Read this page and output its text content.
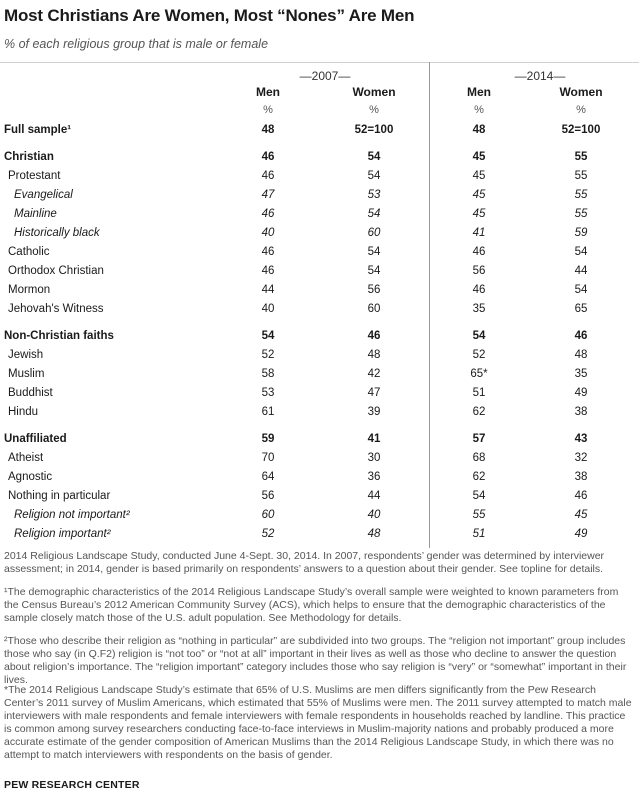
Most Christians Are Women, Most “Nones” Are Men
% of each religious group that is male or female
—2007—	—2014—
Men	Women	Men	Women
%	%	%	%
Full sample¹	48	52=100	48	52=100
Christian	46	54	45	55
Protestant	46	54	45	55
Evangelical	47	53	45	55
Mainline	46	54	45	55
Historically black	40	60	41	59
Catholic	46	54	46	54
Orthodox Christian	46	54	56	44
Mormon	44	56	46	54
Jehovah's Witness	40	60	35	65
Non-Christian faiths	54	46	54	46
Jewish	52	48	52	48
Muslim	58	42	65*	35
Buddhist	53	47	51	49
Hindu	61	39	62	38
Unaffiliated	59	41	57	43
Atheist	70	30	68	32
Agnostic	64	36	62	38
Nothing in particular	56	44	54	46
Religion not important²	60	40	55	45
Religion important²	52	48	51	49
2014 Religious Landscape Study, conducted June 4-Sept. 30, 2014. In 2007, respondents’ gender was determined by interviewer assessment; in 2014, gender is based primarily on respondents’ answers to a question about their gender. See topline for details.
¹The demographic characteristics of the 2014 Religious Landscape Study’s overall sample were weighted to known parameters from the Census Bureau’s 2012 American Community Survey (ACS), which helps to ensure that the demographic characteristics of the sample closely match those of the U.S. adult population. See Methodology for details.
²Those who describe their religion as “nothing in particular” are subdivided into two groups. The “religion not important” group includes those who say (in Q.F2) religion is “not too” or “not at all” important in their lives as well as those who decline to answer the question about religion’s importance. The “religion important” category includes those who say religion is “very” or “somewhat” important in their lives.
*The 2014 Religious Landscape Study’s estimate that 65% of U.S. Muslims are men differs significantly from the Pew Research Center’s 2011 survey of Muslim Americans, which estimated that 55% of Muslims were men. The 2011 survey attempted to match male interviewers with male respondents and female interviewers with female respondents in households reached by landline. This practice is common among survey researchers conducting face-to-face interviews in Muslim-majority nations and probably produced a more accurate estimate of the gender composition of American Muslims than the 2014 Religious Landscape Study, in which there was no attempt to match interviewers with respondents on the basis of gender.
PEW RESEARCH CENTER
